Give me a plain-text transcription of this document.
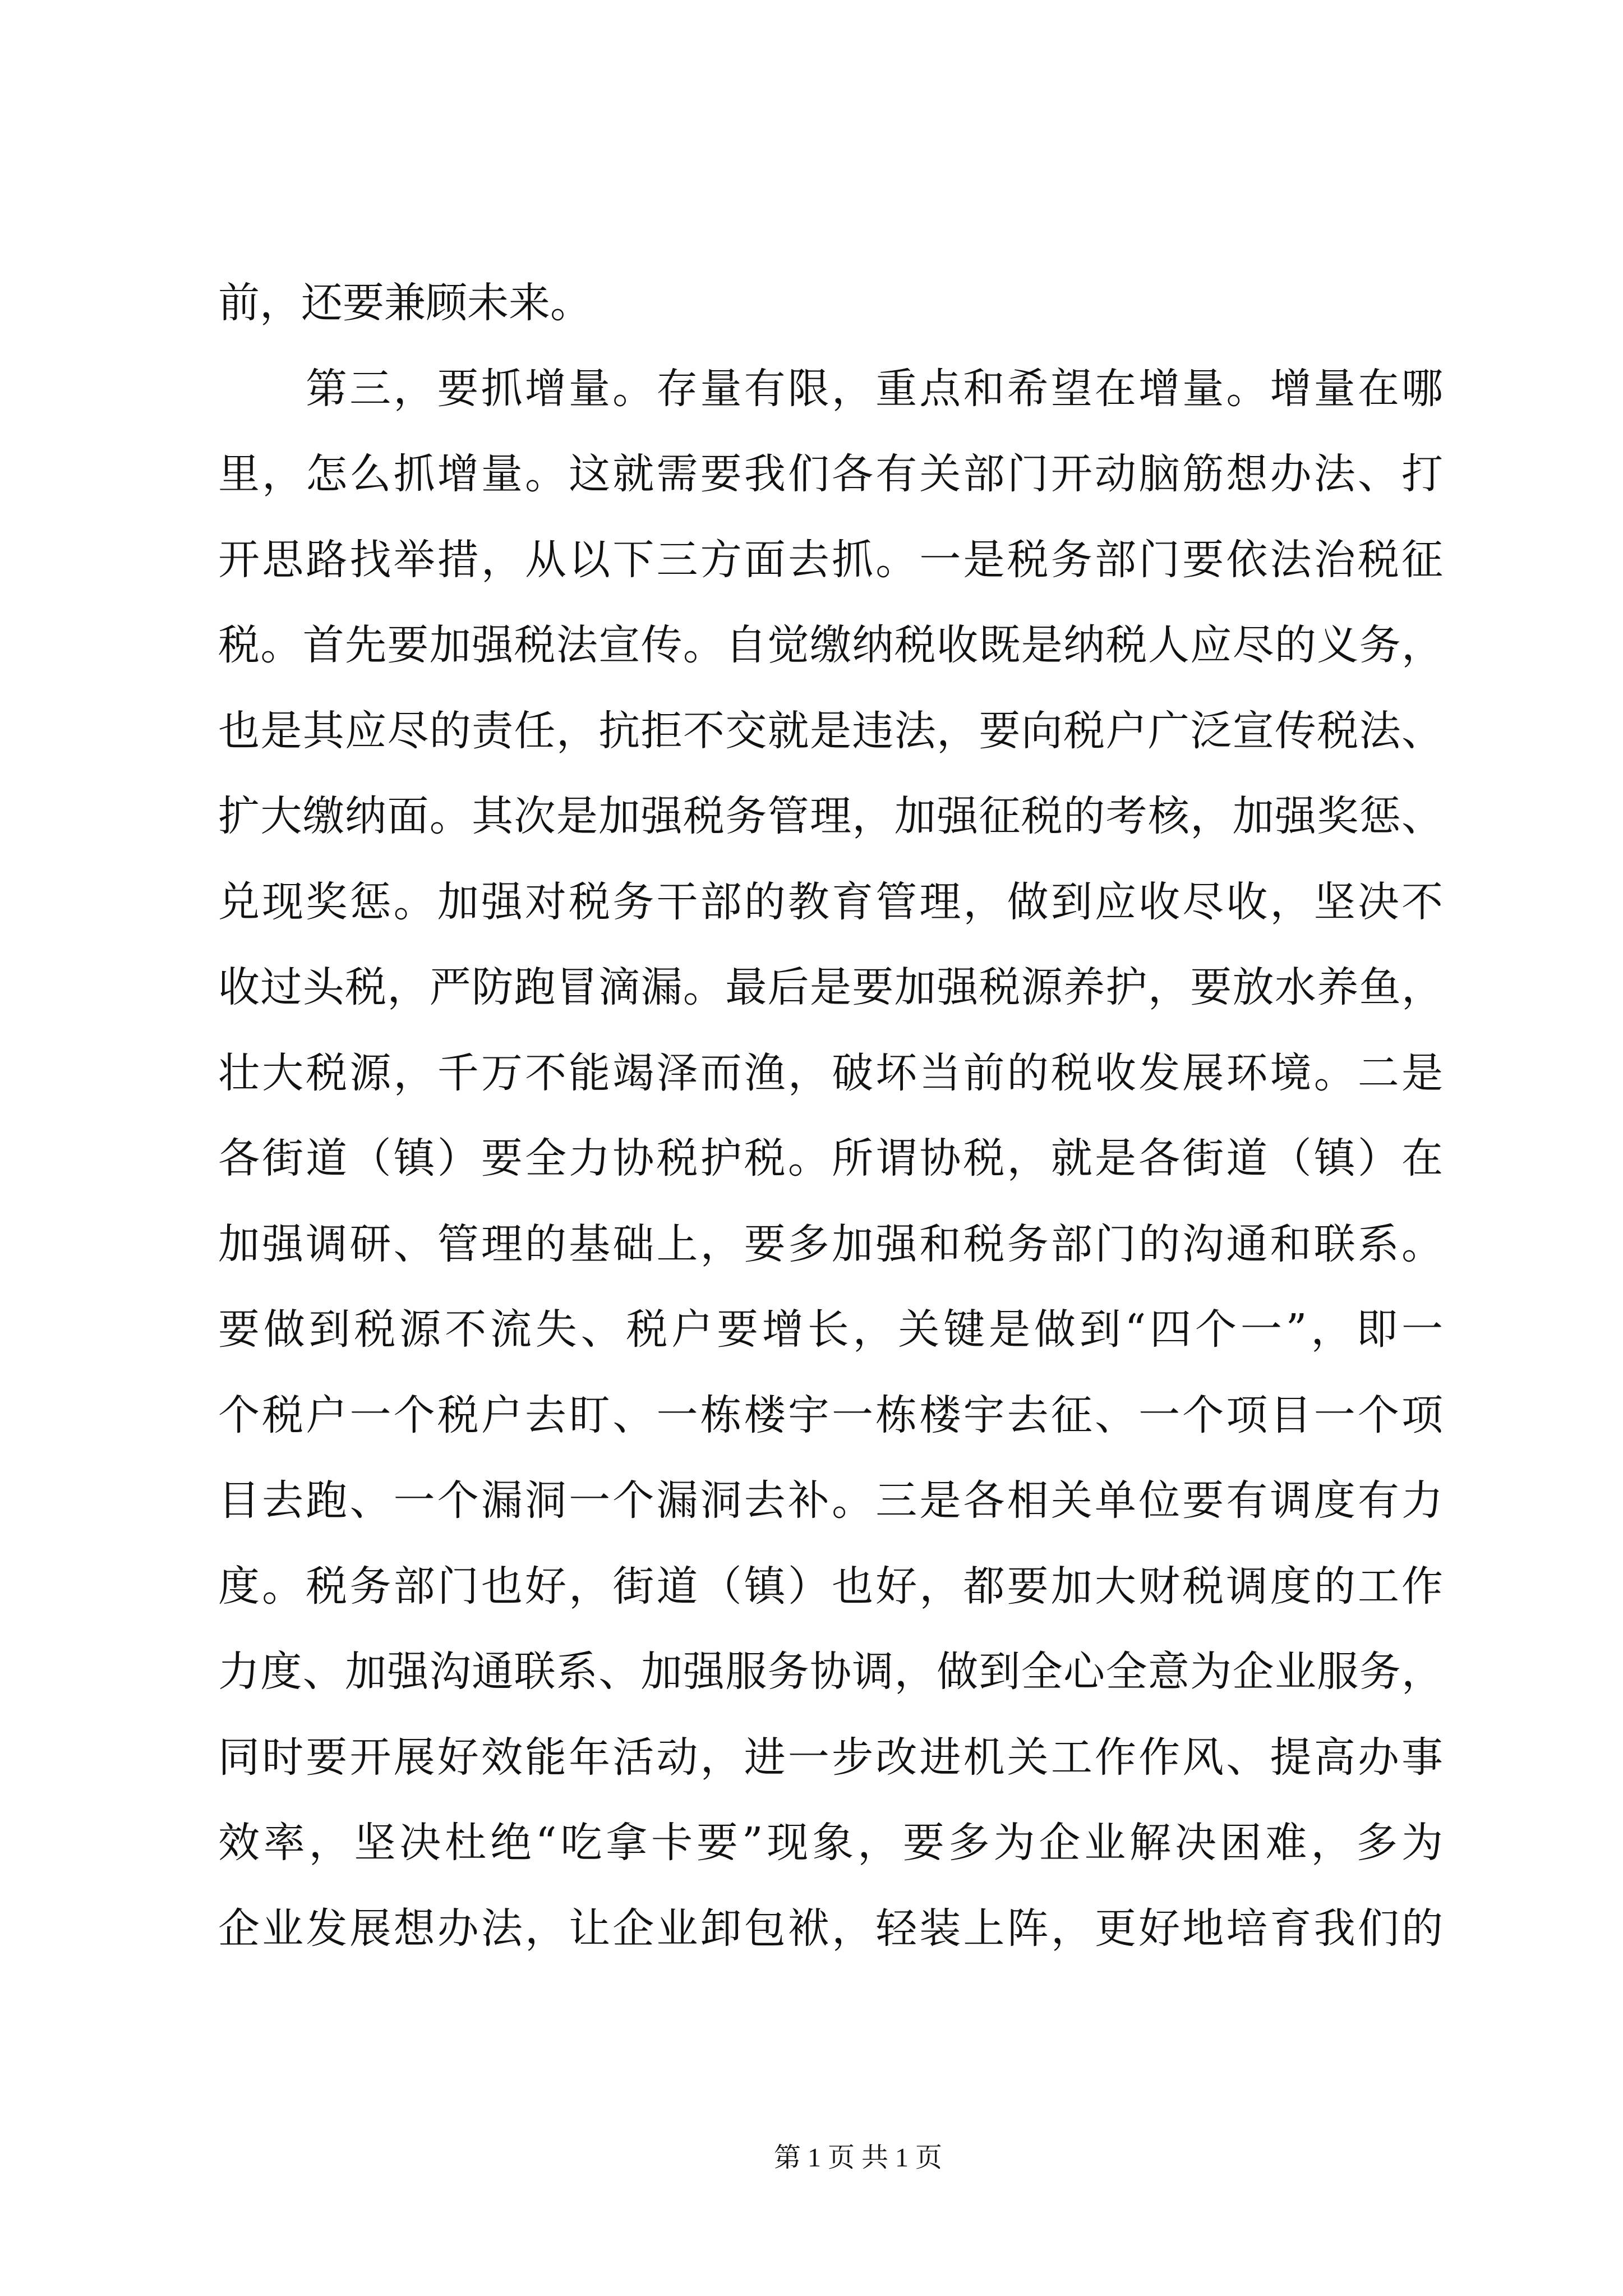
前，还要兼顾未来。
第三，要抓增量。存量有限，重点和希望在增量。增量在哪
里，怎么抓增量。这就需要我们各有关部门开动脑筋想办法、打
开思路找举措，从以下三方面去抓。一是税务部门要依法治税征
税。首先要加强税法宣传。自觉缴纳税收既是纳税人应尽的义务，
也是其应尽的责任，抗拒不交就是违法，要向税户广泛宣传税法、
扩大缴纳面。其次是加强税务管理，加强征税的考核，加强奖惩、
兑现奖惩。加强对税务干部的教育管理，做到应收尽收，坚决不
收过头税，严防跑冒滴漏。最后是要加强税源养护，要放水养鱼，
壮大税源，千万不能竭泽而渔，破坏当前的税收发展环境。二是
各街道（镇）要全力协税护税。所谓协税，就是各街道（镇）在
加强调研、管理的基础上，要多加强和税务部门的沟通和联系。
要做到税源不流失、税户要增长，关键是做到“四个一”，即一
个税户一个税户去盯、一栋楼宇一栋楼宇去征、一个项目一个项
目去跑、一个漏洞一个漏洞去补。三是各相关单位要有调度有力
度。税务部门也好，街道（镇）也好，都要加大财税调度的工作
力度、加强沟通联系、加强服务协调，做到全心全意为企业服务，
同时要开展好效能年活动，进一步改进机关工作作风、提高办事
效率，坚决杜绝“吃拿卡要”现象，要多为企业解决困难，多为
企业发展想办法，让企业卸包袱，轻装上阵，更好地培育我们的
第 1 页 共 1 页
